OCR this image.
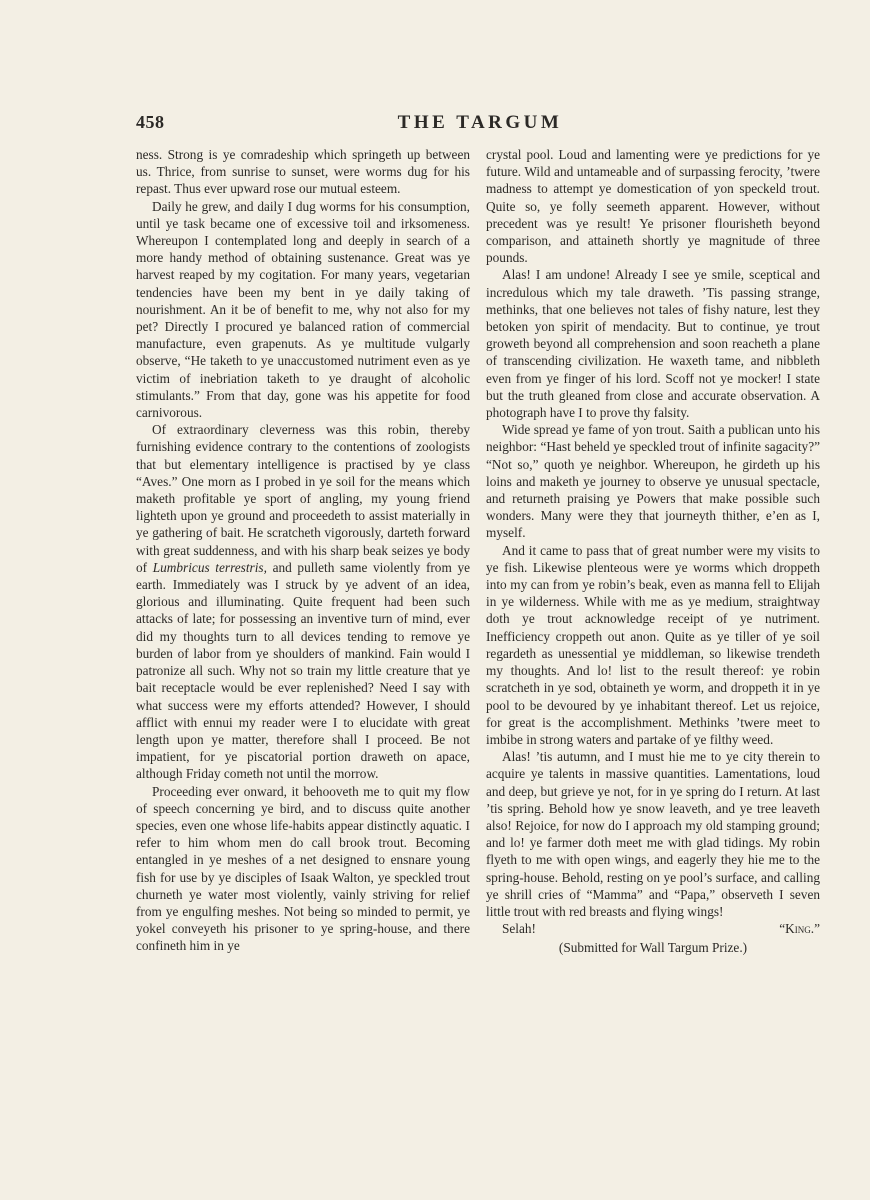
458	THE TARGUM

ness. Strong is ye comradeship which springeth up between us. Thrice, from sunrise to sunset, were worms dug for his repast. Thus ever upward rose our mutual esteem.

Daily he grew, and daily I dug worms for his consumption, until ye task became one of excessive toil and irksomeness. Whereupon I contemplated long and deeply in search of a more handy method of obtaining sustenance. Great was ye harvest reaped by my cogitation. For many years, vegetarian tendencies have been my bent in ye daily taking of nourishment. An it be of benefit to me, why not also for my pet? Directly I procured ye balanced ration of commercial manufacture, even grapenuts. As ye multitude vulgarly observe, “He taketh to ye unaccustomed nutriment even as ye victim of inebriation taketh to ye draught of alcoholic stimulants.” From that day, gone was his appetite for food carnivorous.

Of extraordinary cleverness was this robin, thereby furnishing evidence contrary to the contentions of zoologists that but elementary intelligence is practised by ye class “Aves.” One morn as I probed in ye soil for the means which maketh profitable ye sport of angling, my young friend lighteth upon ye ground and proceedeth to assist materially in ye gathering of bait. He scratcheth vigorously, darteth forward with great suddenness, and with his sharp beak seizes ye body of Lumbricus terrestris, and pulleth same violently from ye earth. Immediately was I struck by ye advent of an idea, glorious and illuminating. Quite frequent had been such attacks of late; for possessing an inventive turn of mind, ever did my thoughts turn to all devices tending to remove ye burden of labor from ye shoulders of mankind. Fain would I patronize all such. Why not so train my little creature that ye bait receptacle would be ever replenished? Need I say with what success were my efforts attended? However, I should afflict with ennui my reader were I to elucidate with great length upon ye matter, therefore shall I proceed. Be not impatient, for ye piscatorial portion draweth on apace, although Friday cometh not until the morrow.

Proceeding ever onward, it behooveth me to quit my flow of speech concerning ye bird, and to discuss quite another species, even one whose life-habits appear distinctly aquatic. I refer to him whom men do call brook trout. Becoming entangled in ye meshes of a net designed to ensnare young fish for use by ye disciples of Isaak Walton, ye speckled trout churneth ye water most violently, vainly striving for relief from ye engulfing meshes. Not being so minded to permit, ye yokel conveyeth his prisoner to ye spring-house, and there confineth him in ye

crystal pool. Loud and lamenting were ye predictions for ye future. Wild and untameable and of surpassing ferocity, ’twere madness to attempt ye domestication of yon speckeld trout. Quite so, ye folly seemeth apparent. However, without precedent was ye result! Ye prisoner flourisheth beyond comparison, and attaineth shortly ye magnitude of three pounds.

Alas! I am undone! Already I see ye smile, sceptical and incredulous which my tale draweth. ’Tis passing strange, methinks, that one believes not tales of fishy nature, lest they betoken yon spirit of mendacity. But to continue, ye trout groweth beyond all comprehension and soon reacheth a plane of transcending civilization. He waxeth tame, and nibbleth even from ye finger of his lord. Scoff not ye mocker! I state but the truth gleaned from close and accurate observation. A photograph have I to prove thy falsity.

Wide spread ye fame of yon trout. Saith a publican unto his neighbor: “Hast beheld ye speckled trout of infinite sagacity?” “Not so,” quoth ye neighbor. Whereupon, he girdeth up his loins and maketh ye journey to observe ye unusual spectacle, and returneth praising ye Powers that make possible such wonders. Many were they that journeyth thither, e’en as I, myself.

And it came to pass that of great number were my visits to ye fish. Likewise plenteous were ye worms which droppeth into my can from ye robin’s beak, even as manna fell to Elijah in ye wilderness. While with me as ye medium, straightway doth ye trout acknowledge receipt of ye nutriment. Inefficiency croppeth out anon. Quite as ye tiller of ye soil regardeth as unessential ye middleman, so likewise trendeth my thoughts. And lo! list to the result thereof: ye robin scratcheth in ye sod, obtaineth ye worm, and droppeth it in ye pool to be devoured by ye inhabitant thereof. Let us rejoice, for great is the accomplishment. Methinks ’twere meet to imbibe in strong waters and partake of ye filthy weed.

Alas! ’tis autumn, and I must hie me to ye city therein to acquire ye talents in massive quantities. Lamentations, loud and deep, but grieve ye not, for in ye spring do I return. At last ’tis spring. Behold how ye snow leaveth, and ye tree leaveth also! Rejoice, for now do I approach my old stamping ground; and lo! ye farmer doth meet me with glad tidings. My robin flyeth to me with open wings, and eagerly they hie me to the spring-house. Behold, resting on ye pool’s surface, and calling ye shrill cries of “Mamma” and “Papa,” observeth I seven little trout with red breasts and flying wings!
Selah!	“King.”

(Submitted for Wall Targum Prize.)
